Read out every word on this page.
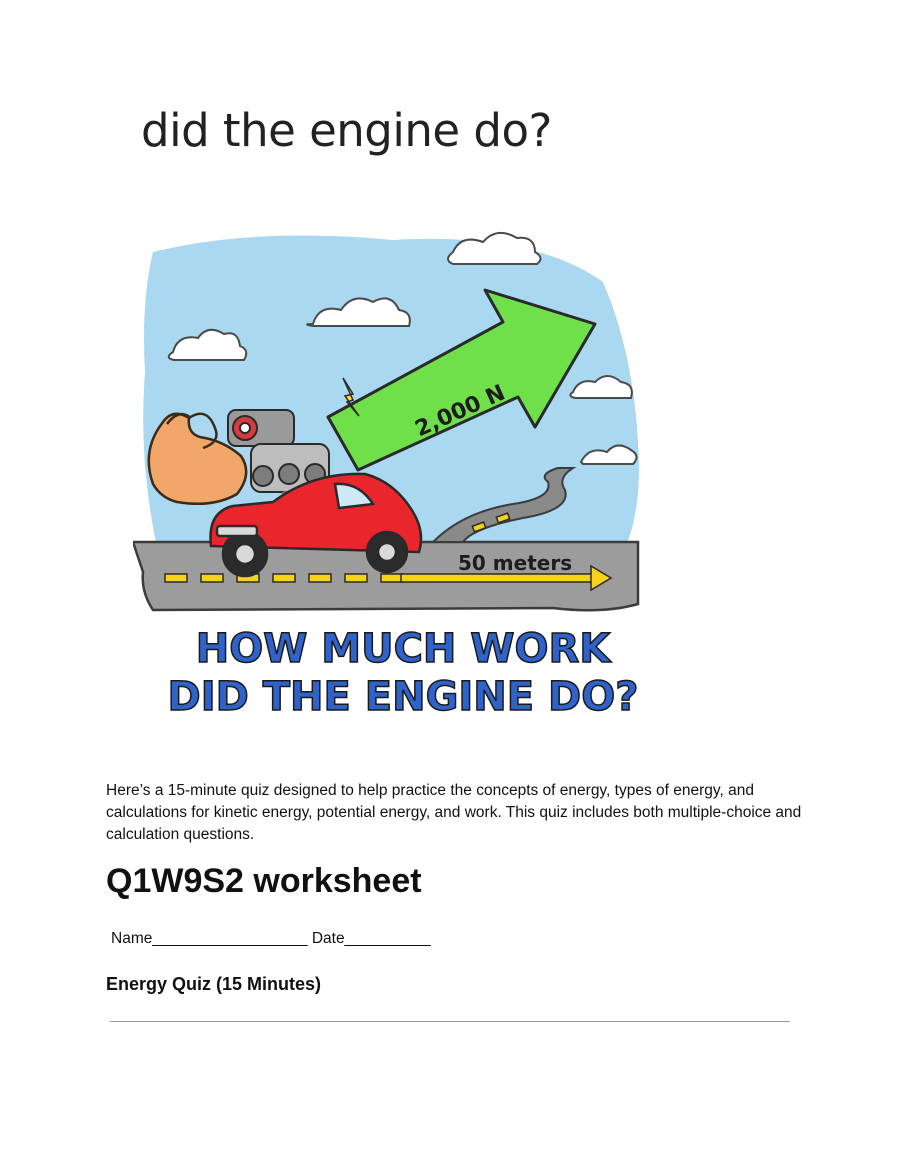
did the engine do?
50 meters
2,000 N
HOW MUCH WORK
DID THE ENGINE DO?

Here’s a 15-minute quiz designed to help practice the concepts of energy, types of energy, and calculations for kinetic energy, potential energy, and work. This quiz includes both multiple-choice and calculation questions.

Q1W9S2 worksheet

Name__________________ Date__________

Energy Quiz (15 Minutes)
